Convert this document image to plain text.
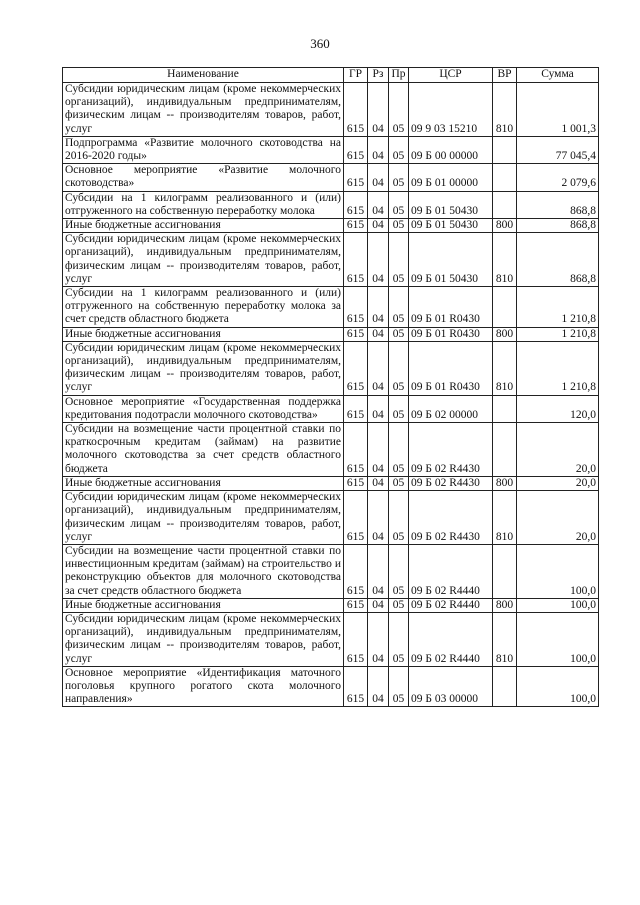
360
Наименование	ГР	Рз	Пр	ЦСР	ВР	Сумма
Субсидии юридическим лицам (кроме некоммерческих организаций), индивидуальным предпринимателям, физическим лицам -- производителям товаров, работ, услуг	615	04	05	09 9 03 15210	810	1 001,3
Подпрограмма «Развитие молочного скотоводства на 2016-2020 годы»	615	04	05	09 Б 00 00000		77 045,4
Основное мероприятие «Развитие молочного скотоводства»	615	04	05	09 Б 01 00000		2 079,6
Субсидии на 1 килограмм реализованного и (или) отгруженного на собственную переработку молока	615	04	05	09 Б 01 50430		868,8
Иные бюджетные ассигнования	615	04	05	09 Б 01 50430	800	868,8
Субсидии юридическим лицам (кроме некоммерческих организаций), индивидуальным предпринимателям, физическим лицам -- производителям товаров, работ, услуг	615	04	05	09 Б 01 50430	810	868,8
Субсидии на 1 килограмм реализованного и (или) отгруженного на собственную переработку молока за счет средств областного бюджета	615	04	05	09 Б 01 R0430		1 210,8
Иные бюджетные ассигнования	615	04	05	09 Б 01 R0430	800	1 210,8
Субсидии юридическим лицам (кроме некоммерческих организаций), индивидуальным предпринимателям, физическим лицам -- производителям товаров, работ, услуг	615	04	05	09 Б 01 R0430	810	1 210,8
Основное мероприятие «Государственная поддержка кредитования подотрасли молочного скотоводства»	615	04	05	09 Б 02 00000		120,0
Субсидии на возмещение части процентной ставки по краткосрочным кредитам (займам) на развитие молочного скотоводства за счет средств областного бюджета	615	04	05	09 Б 02 R4430		20,0
Иные бюджетные ассигнования	615	04	05	09 Б 02 R4430	800	20,0
Субсидии юридическим лицам (кроме некоммерческих организаций), индивидуальным предпринимателям, физическим лицам -- производителям товаров, работ, услуг	615	04	05	09 Б 02 R4430	810	20,0
Субсидии на возмещение части процентной ставки по инвестиционным кредитам (займам) на строительство и реконструкцию объектов для молочного скотоводства за счет средств областного бюджета	615	04	05	09 Б 02 R4440		100,0
Иные бюджетные ассигнования	615	04	05	09 Б 02 R4440	800	100,0
Субсидии юридическим лицам (кроме некоммерческих организаций), индивидуальным предпринимателям, физическим лицам -- производителям товаров, работ, услуг	615	04	05	09 Б 02 R4440	810	100,0
Основное мероприятие «Идентификация маточного поголовья крупного рогатого скота молочного направления»	615	04	05	09 Б 03 00000		100,0
